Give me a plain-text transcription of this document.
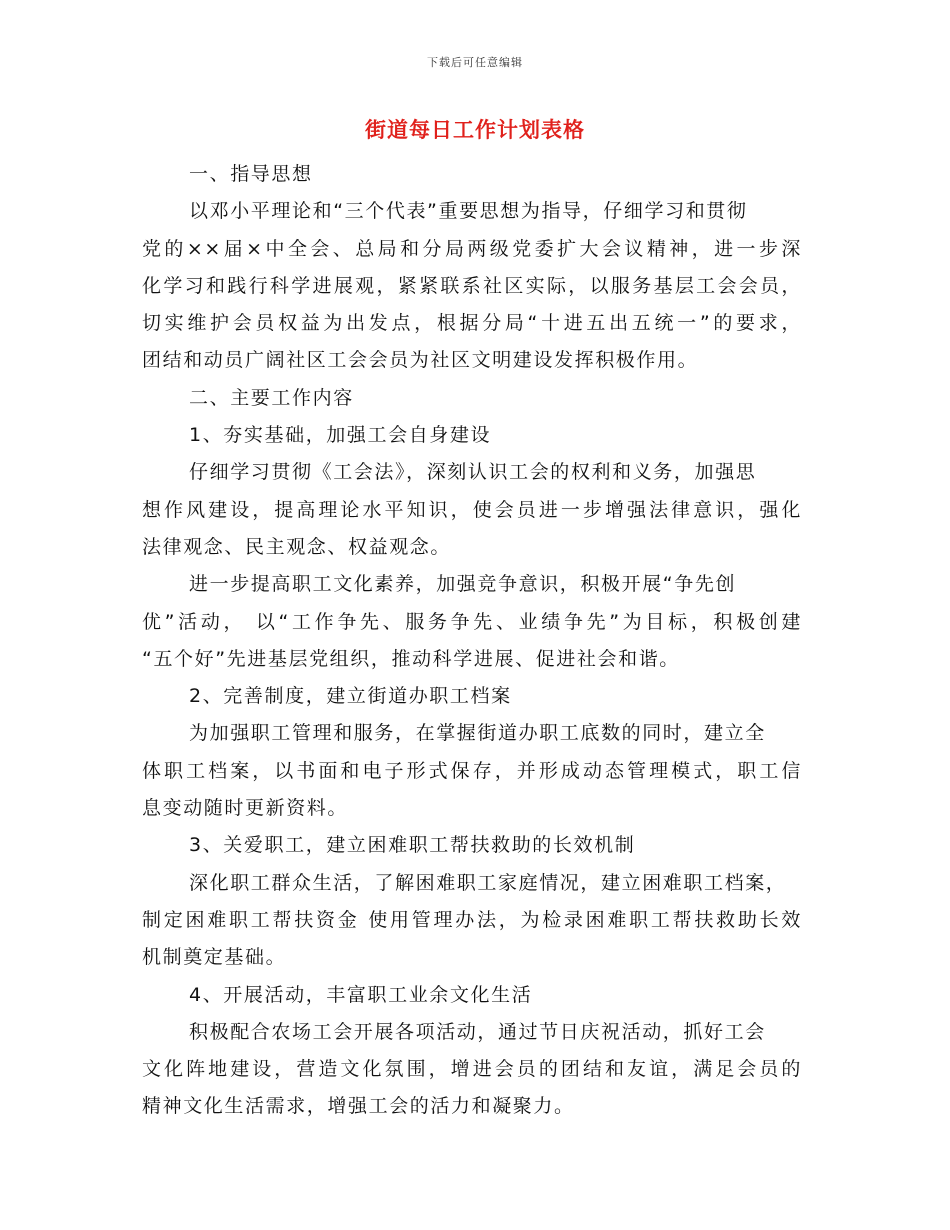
下载后可任意编辑
街道每日工作计划表格
一、指导思想
以邓小平理论和“三个代表”重要思想为指导，仔细学习和贯彻
党的××届×中全会、总局和分局两级党委扩大会议精神，进一步深
化学习和践行科学进展观，紧紧联系社区实际，以服务基层工会会员，
切实维护会员权益为出发点，根据分局“十进五出五统一”的要求，
团结和动员广阔社区工会会员为社区文明建设发挥积极作用。
二、主要工作内容
1、夯实基础，加强工会自身建设
仔细学习贯彻《工会法》，深刻认识工会的权利和义务，加强思
想作风建设，提高理论水平知识，使会员进一步增强法律意识，强化
法律观念、民主观念、权益观念。
进一步提高职工文化素养，加强竞争意识，积极开展“争先创
优”活动， 以“工作争先、服务争先、业绩争先”为目标，积极创建
“五个好”先进基层党组织，推动科学进展、促进社会和谐。
2、完善制度，建立街道办职工档案
为加强职工管理和服务，在掌握街道办职工底数的同时，建立全
体职工档案，以书面和电子形式保存，并形成动态管理模式，职工信
息变动随时更新资料。
3、关爱职工，建立困难职工帮扶救助的长效机制
深化职工群众生活，了解困难职工家庭情况，建立困难职工档案，
制定困难职工帮扶资金 使用管理办法，为检录困难职工帮扶救助长效
机制奠定基础。
4、开展活动，丰富职工业余文化生活
积极配合农场工会开展各项活动，通过节日庆祝活动，抓好工会
文化阵地建设，营造文化氛围，增进会员的团结和友谊，满足会员的
精神文化生活需求，增强工会的活力和凝聚力。
